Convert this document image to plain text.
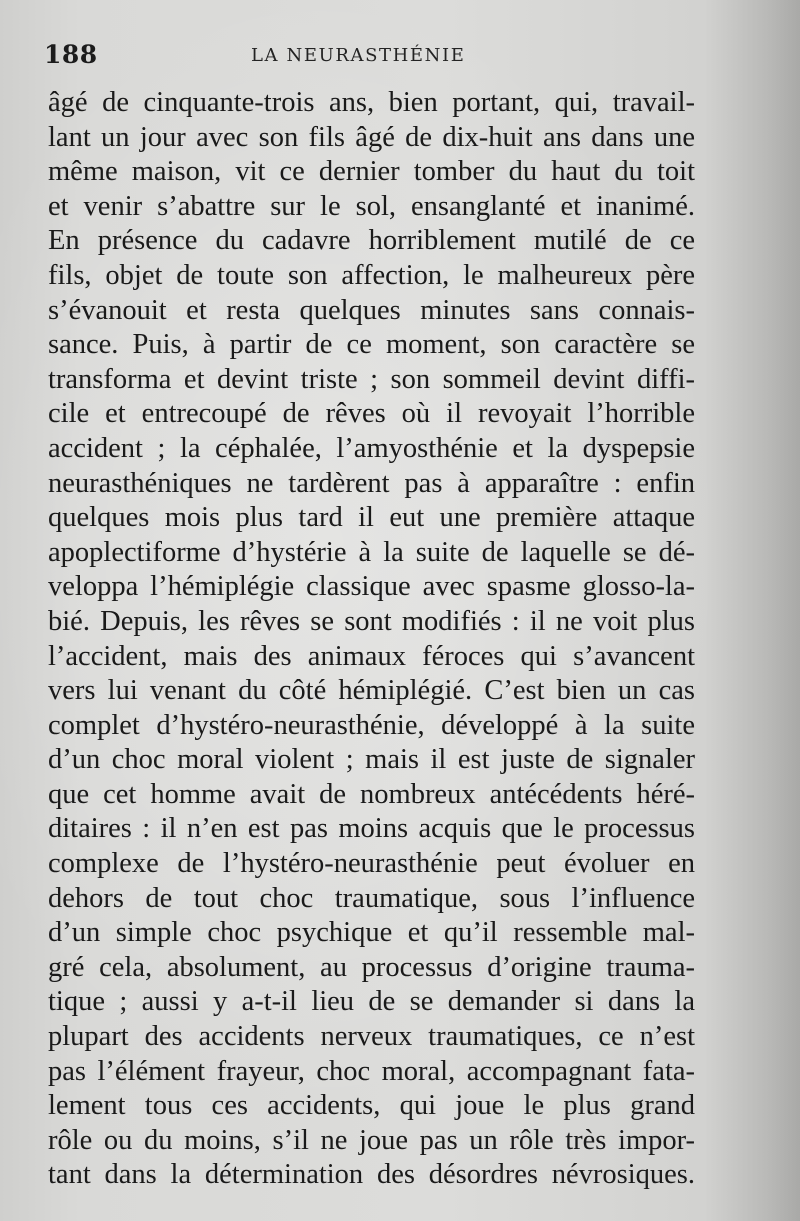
188	LA NEURASTHÉNIE
âgé de cinquante-trois ans, bien portant, qui, travail-
lant un jour avec son fils âgé de dix-huit ans dans une
même maison, vit ce dernier tomber du haut du toit
et venir s’abattre sur le sol, ensanglanté et inanimé.
En présence du cadavre horriblement mutilé de ce
fils, objet de toute son affection, le malheureux père
s’évanouit et resta quelques minutes sans connais-
sance. Puis, à partir de ce moment, son caractère se
transforma et devint triste ; son sommeil devint diffi-
cile et entrecoupé de rêves où il revoyait l’horrible
accident ; la céphalée, l’amyosthénie et la dyspepsie
neurasthéniques ne tardèrent pas à apparaître : enfin
quelques mois plus tard il eut une première attaque
apoplectiforme d’hystérie à la suite de laquelle se dé-
veloppa l’hémiplégie classique avec spasme glosso-la-
bié. Depuis, les rêves se sont modifiés : il ne voit plus
l’accident, mais des animaux féroces qui s’avancent
vers lui venant du côté hémiplégié. C’est bien un cas
complet d’hystéro-neurasthénie, développé à la suite
d’un choc moral violent ; mais il est juste de signaler
que cet homme avait de nombreux antécédents héré-
ditaires : il n’en est pas moins acquis que le processus
complexe de l’hystéro-neurasthénie peut évoluer en
dehors de tout choc traumatique, sous l’influence
d’un simple choc psychique et qu’il ressemble mal-
gré cela, absolument, au processus d’origine trauma-
tique ; aussi y a-t-il lieu de se demander si dans la
plupart des accidents nerveux traumatiques, ce n’est
pas l’élément frayeur, choc moral, accompagnant fata-
lement tous ces accidents, qui joue le plus grand
rôle ou du moins, s’il ne joue pas un rôle très impor-
tant dans la détermination des désordres névrosiques.
